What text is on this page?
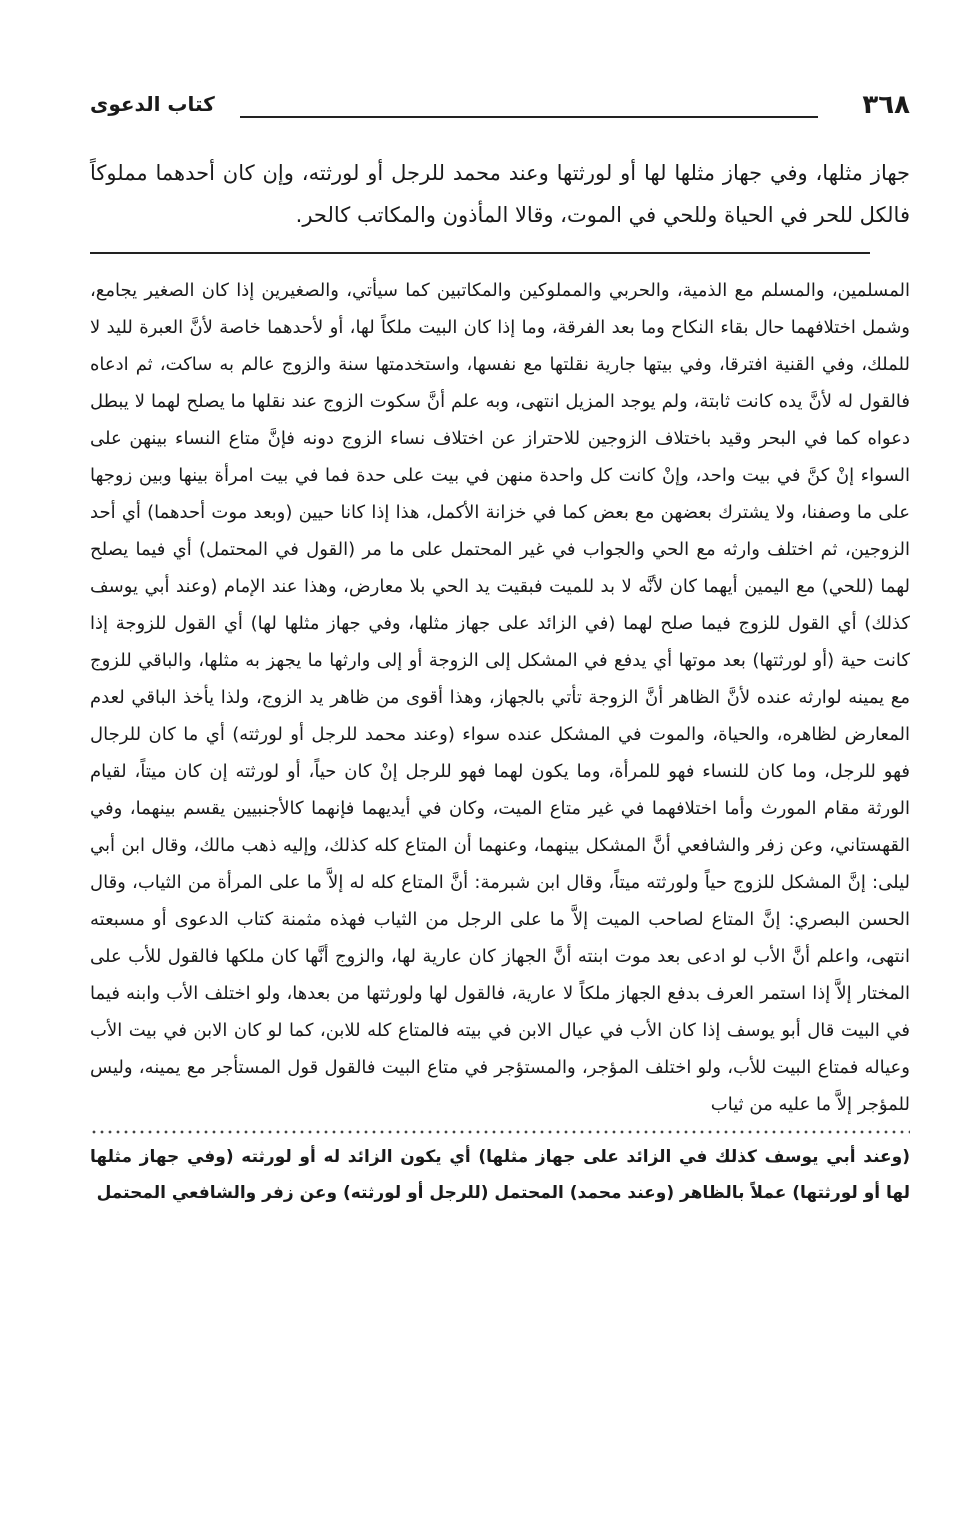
٣٦٨
كتاب الدعوى

جهاز مثلها، وفي جهاز مثلها لها أو لورثتها وعند محمد للرجل أو لورثته، وإن كان أحدهما مملوكاً فالكل للحر في الحياة وللحي في الموت، وقالا المأذون والمكاتب كالحر.

المسلمين، والمسلم مع الذمية، والحربي والمملوكين والمكاتبين كما سيأتي، والصغيرين إذا كان الصغير يجامع، وشمل اختلافهما حال بقاء النكاح وما بعد الفرقة، وما إذا كان البيت ملكاً لها، أو لأحدهما خاصة لأنَّ العبرة لليد لا للملك، وفي القنية افترقا، وفي بيتها جارية نقلتها مع نفسها، واستخدمتها سنة والزوج عالم به ساكت، ثم ادعاه فالقول له لأنَّ يده كانت ثابتة، ولم يوجد المزيل انتهى، وبه علم أنَّ سكوت الزوج عند نقلها ما يصلح لهما لا يبطل دعواه كما في البحر وقيد باختلاف الزوجين للاحتراز عن اختلاف نساء الزوج دونه فإنَّ متاع النساء بينهن على السواء إنْ كنَّ في بيت واحد، وإنْ كانت كل واحدة منهن في بيت على حدة فما في بيت امرأة بينها وبين زوجها على ما وصفنا، ولا يشترك بعضهن مع بعض كما في خزانة الأكمل، هذا إذا كانا حيين (وبعد موت أحدهما) أي أحد الزوجين، ثم اختلف وارثه مع الحي والجواب في غير المحتمل على ما مر (القول في المحتمل) أي فيما يصلح لهما (للحي) مع اليمين أيهما كان لأنَّه لا بد للميت فبقيت يد الحي بلا معارض، وهذا عند الإمام (وعند أبي يوسف كذلك) أي القول للزوج فيما صلح لهما (في الزائد على جهاز مثلها، وفي جهاز مثلها لها) أي القول للزوجة إذا كانت حية (أو لورثتها) بعد موتها أي يدفع في المشكل إلى الزوجة أو إلى وارثها ما يجهز به مثلها، والباقي للزوج مع يمينه لوارثه عنده لأنَّ الظاهر أنَّ الزوجة تأتي بالجهاز، وهذا أقوى من ظاهر يد الزوج، ولذا يأخذ الباقي لعدم المعارض لظاهره، والحياة، والموت في المشكل عنده سواء (وعند محمد للرجل أو لورثته) أي ما كان للرجال فهو للرجل، وما كان للنساء فهو للمرأة، وما يكون لهما فهو للرجل إنْ كان حياً، أو لورثته إن كان ميتاً، لقيام الورثة مقام المورث وأما اختلافهما في غير متاع الميت، وكان في أيديهما فإنهما كالأجنبيين يقسم بينهما، وفي القهستاني، وعن زفر والشافعي أنَّ المشكل بينهما، وعنهما أن المتاع كله كذلك، وإليه ذهب مالك، وقال ابن أبي ليلى: إنَّ المشكل للزوج حياً ولورثته ميتاً، وقال ابن شبرمة: أنَّ المتاع كله له إلاَّ ما على المرأة من الثياب، وقال الحسن البصري: إنَّ المتاع لصاحب الميت إلاَّ ما على الرجل من الثياب فهذه مثمنة كتاب الدعوى أو مسبعته انتهى، واعلم أنَّ الأب لو ادعى بعد موت ابنته أنَّ الجهاز كان عارية لها، والزوج أنَّها كان ملكها فالقول للأب على المختار إلاَّ إذا استمر العرف بدفع الجهاز ملكاً لا عارية، فالقول لها ولورثتها من بعدها، ولو اختلف الأب وابنه فيما في البيت قال أبو يوسف إذا كان الأب في عيال الابن في بيته فالمتاع كله للابن، كما لو كان الابن في بيت الأب وعياله فمتاع البيت للأب، ولو اختلف المؤجر، والمستؤجر في متاع البيت فالقول قول المستأجر مع يمينه، وليس للمؤجر إلاَّ ما عليه من ثياب

(وعند أبي يوسف كذلك في الزائد على جهاز مثلها) أي يكون الزائد له أو لورثته (وفي جهاز مثلها لها أو لورثتها) عملاً بالظاهر (وعند محمد) المحتمل (للرجل أو لورثته) وعن زفر والشافعي المحتمل
